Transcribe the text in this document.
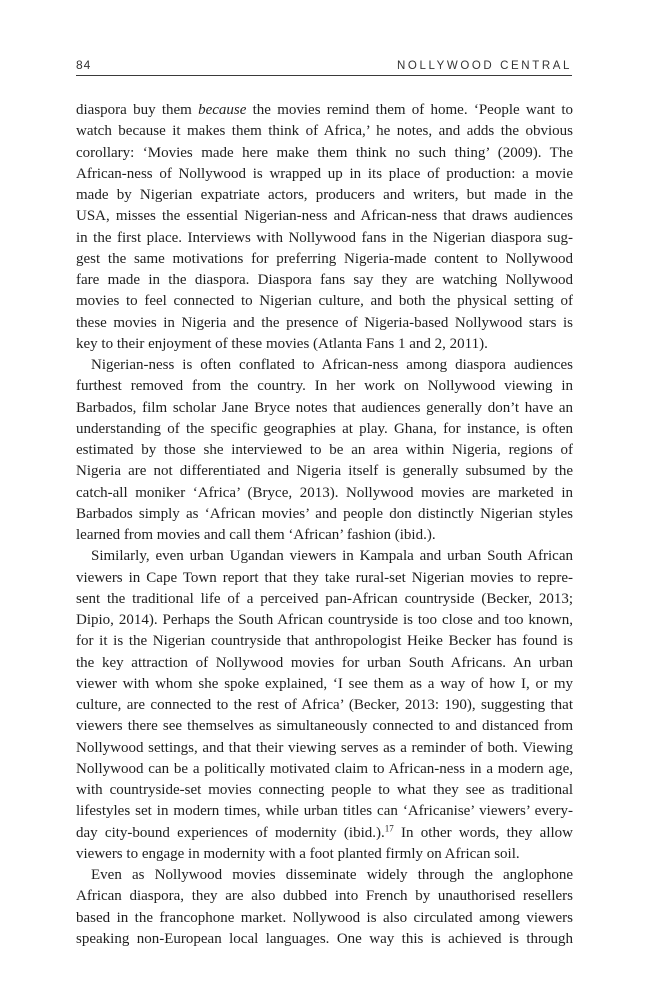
84	NOLLYWOOD CENTRAL
diaspora buy them because the movies remind them of home. ‘People want to
watch because it makes them think of Africa,’ he notes, and adds the obvious
corollary: ‘Movies made here make them think no such thing’ (2009). The
African-ness of Nollywood is wrapped up in its place of production: a movie
made by Nigerian expatriate actors, producers and writers, but made in the
USA, misses the essential Nigerian-ness and African-ness that draws audiences
in the first place. Interviews with Nollywood fans in the Nigerian diaspora sug-
gest the same motivations for preferring Nigeria-made content to Nollywood
fare made in the diaspora. Diaspora fans say they are watching Nollywood
movies to feel connected to Nigerian culture, and both the physical setting of
these movies in Nigeria and the presence of Nigeria-based Nollywood stars is
key to their enjoyment of these movies (Atlanta Fans 1 and 2, 2011).
Nigerian-ness is often conflated to African-ness among diaspora audiences
furthest removed from the country. In her work on Nollywood viewing in
Barbados, film scholar Jane Bryce notes that audiences generally don’t have an
understanding of the specific geographies at play. Ghana, for instance, is often
estimated by those she interviewed to be an area within Nigeria, regions of
Nigeria are not differentiated and Nigeria itself is generally subsumed by the
catch-all moniker ‘Africa’ (Bryce, 2013). Nollywood movies are marketed in
Barbados simply as ‘African movies’ and people don distinctly Nigerian styles
learned from movies and call them ‘African’ fashion (ibid.).
Similarly, even urban Ugandan viewers in Kampala and urban South African
viewers in Cape Town report that they take rural-set Nigerian movies to repre-
sent the traditional life of a perceived pan-African countryside (Becker, 2013;
Dipio, 2014). Perhaps the South African countryside is too close and too known,
for it is the Nigerian countryside that anthropologist Heike Becker has found is
the key attraction of Nollywood movies for urban South Africans. An urban
viewer with whom she spoke explained, ‘I see them as a way of how I, or my
culture, are connected to the rest of Africa’ (Becker, 2013: 190), suggesting that
viewers there see themselves as simultaneously connected to and distanced from
Nollywood settings, and that their viewing serves as a reminder of both. Viewing
Nollywood can be a politically motivated claim to African-ness in a modern age,
with countryside-set movies connecting people to what they see as traditional
lifestyles set in modern times, while urban titles can ‘Africanise’ viewers’ every-
day city-bound experiences of modernity (ibid.).$^{17}$ In other words, they allow
viewers to engage in modernity with a foot planted firmly on African soil.
Even as Nollywood movies disseminate widely through the anglophone
African diaspora, they are also dubbed into French by unauthorised resellers
based in the francophone market. Nollywood is also circulated among viewers
speaking non-European local languages. One way this is achieved is through
